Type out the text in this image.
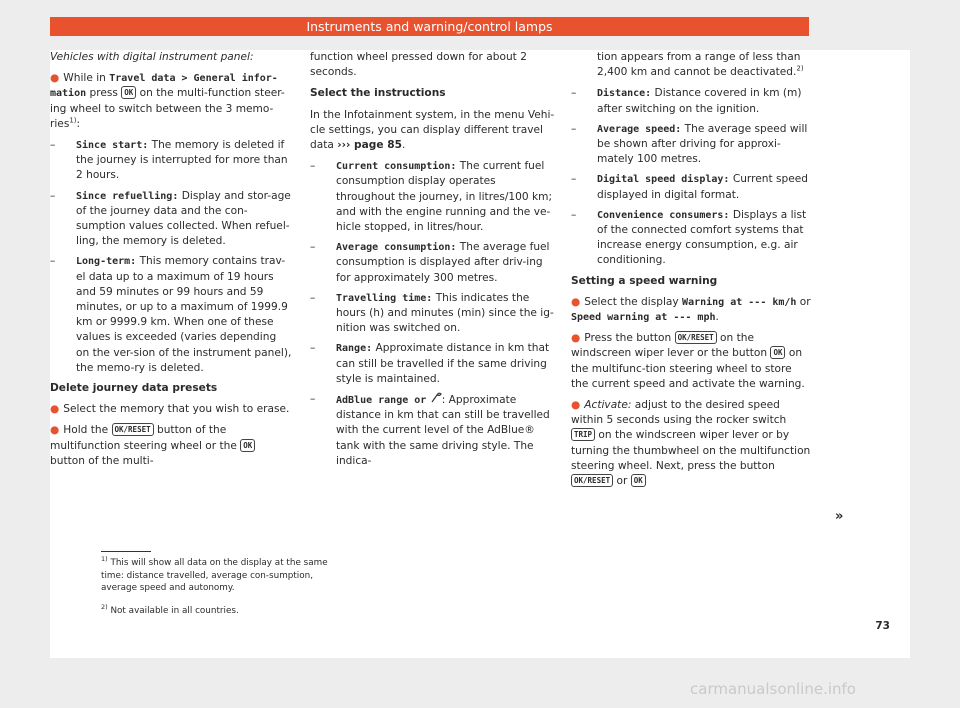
Instruments and warning/control lamps

Vehicles with digital instrument panel:

● While in Travel data > General infor-mation press OK on the multi-function steer-ing wheel to switch between the 3 memo-ries$^{1)}$:

–	Since start: The memory is deleted if the journey is interrupted for more than 2 hours.
–	Since refuelling: Display and stor-age of the journey data and the con-sumption values collected. When refuel-ling, the memory is deleted.
–	Long-term: This memory contains trav-el data up to a maximum of 19 hours and 59 minutes or 99 hours and 59 minutes, or up to a maximum of 1999.9 km or 9999.9 km. When one of these values is exceeded (varies depending on the ver-sion of the instrument panel), the memo-ry is deleted.

Delete journey data presets

● Select the memory that you wish to erase.

● Hold the OK/RESET button of the multifunction steering wheel or the OK button of the multi-

function wheel pressed down for about 2 seconds.

Select the instructions

In the Infotainment system, in the menu Vehi-cle settings, you can display different travel data ››› page 85.

–	Current consumption: The current fuel consumption display operates throughout the journey, in litres/100 km; and with the engine running and the ve-hicle stopped, in litres/hour.
–	Average consumption: The average fuel consumption is displayed after driv-ing for approximately 300 metres.
–	Travelling time: This indicates the hours (h) and minutes (min) since the ig-nition was switched on.
–	Range: Approximate distance in km that can still be travelled if the same driving style is maintained.
–	AdBlue range or : Approximate distance in km that can still be travelled with the current level of the AdBlue® tank with the same driving style. The indica-

tion appears from a range of less than 2,400 km and cannot be deactivated.$^{2)}$

–	Distance: Distance covered in km (m) after switching on the ignition.
–	Average speed: The average speed will be shown after driving for approxi-mately 100 metres.
–	Digital speed display: Current speed displayed in digital format.
–	Convenience consumers: Displays a list of the connected comfort systems that increase energy consumption, e.g. air conditioning.

Setting a speed warning

● Select the display Warning at --- km/h or Speed warning at --- mph.

● Press the button OK/RESET on the windscreen wiper lever or the button OK on the multifunc-tion steering wheel to store the current speed and activate the warning.

● Activate: adjust to the desired speed within 5 seconds using the rocker switch TRIP on the windscreen wiper lever or by turning the thumbwheel on the multifunction steering wheel. Next, press the button OK/RESET or OK

»
$^{1)}$ This will show all data on the display at the same time: distance travelled, average con-sumption, average speed and autonomy.
$^{2)}$ Not available in all countries.
73
carmanualsonline.info
